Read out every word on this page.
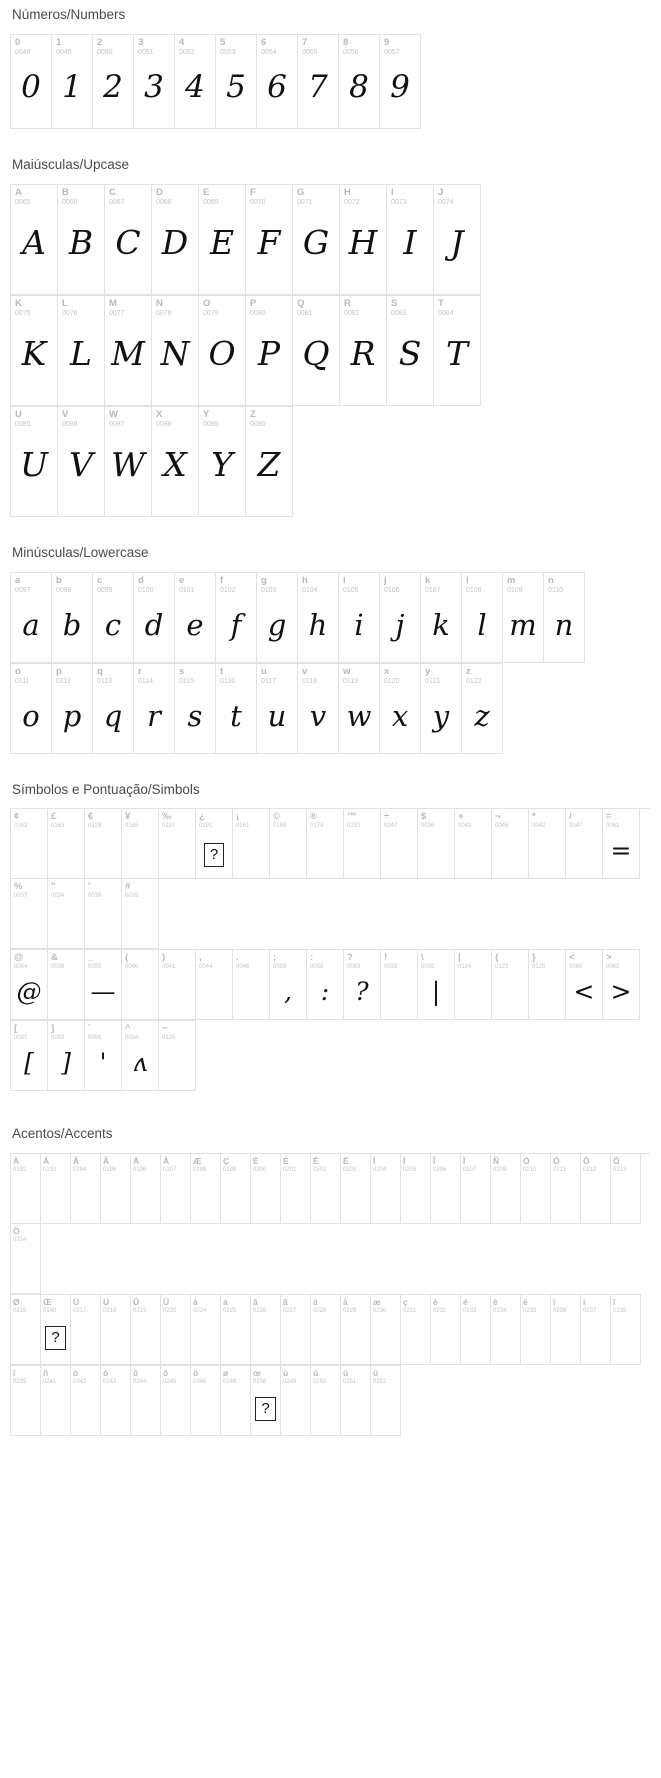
Números/Numbers
0
0048
0
1
0049
1
2
0050
2
3
0051
3
4
0052
4
5
0053
5
6
0054
6
7
0055
7
8
0056
8
9
0057
9
Maiúsculas/Upcase
A
0065
A
B
0066
B
C
0067
C
D
0068
D
E
0069
E
F
0070
F
G
0071
G
H
0072
H
I
0073
I
J
0074
J
K
0075
K
L
0076
L
M
0077
M
N
0078
N
O
0079
O
P
0080
P
Q
0081
Q
R
0082
R
S
0083
S
T
0084
T
U
0085
U
V
0086
V
W
0087
W
X
0088
X
Y
0089
Y
Z
0090
Z
Minúsculas/Lowercase
a
0097
a
b
0098
b
c
0099
c
d
0100
d
e
0101
e
f
0102
f
g
0103
g
h
0104
h
i
0105
i
j
0106
j
k
0107
k
l
0108
l
m
0109
m
n
0110
n
o
0111
o
p
0112
p
q
0113
q
r
0114
r
s
0115
s
t
0116
t
u
0117
u
v
0118
v
w
0119
w
x
0120
x
y
0121
y
z
0122
z
Símbolos e Pontuação/Simbols
¢
0162
£
0163
€
0128
¥
0165
‰
0137
¿
0191
?
¡
0161
©
0169
®
0174
™
0153
÷
0247
$
0036
+
0043
¬
0045
*
0042
/
0047
=
0061
=
%
0037
"
0034
'
0039
#
0035
@
0064
@
&
0038
_
0095
—
(
0040
)
0041
,
0044
.
0046
;
0059
,
:
0058
:
?
0063
?
!
0033
\
0092
|
|
0124
{
0123
}
0125
<
0060
<
>
0062
>
[
0091
[
]
0093
]
`
0096
'
^
0094
ʌ
~
0126
Acentos/Accents
À
0192
Á
0193
Â
0194
Ã
0195
Ä
0196
Å
0197
Æ
0198
Ç
0199
È
0200
É
0201
Ê
0202
Ë
0203
Ì
0204
Í
0205
Î
0206
Ï
0207
Ñ
0209
Ò
0210
Ó
0211
Ô
0212
Õ
0213
Ö
0214
Ø
0216
Œ
0140
?
Ù
0217
Ú
0218
Û
0219
Ü
0220
à
0224
á
0225
â
0226
ã
0227
ä
0228
å
0229
æ
0230
ç
0231
è
0232
é
0233
ê
0234
ë
0235
ì
0236
í
0237
î
0238
ï
0239
ñ
0241
ò
0242
ó
0243
ô
0244
õ
0245
ö
0246
ø
0248
œ
0156
?
ù
0249
ú
0250
û
0251
ü
0252
